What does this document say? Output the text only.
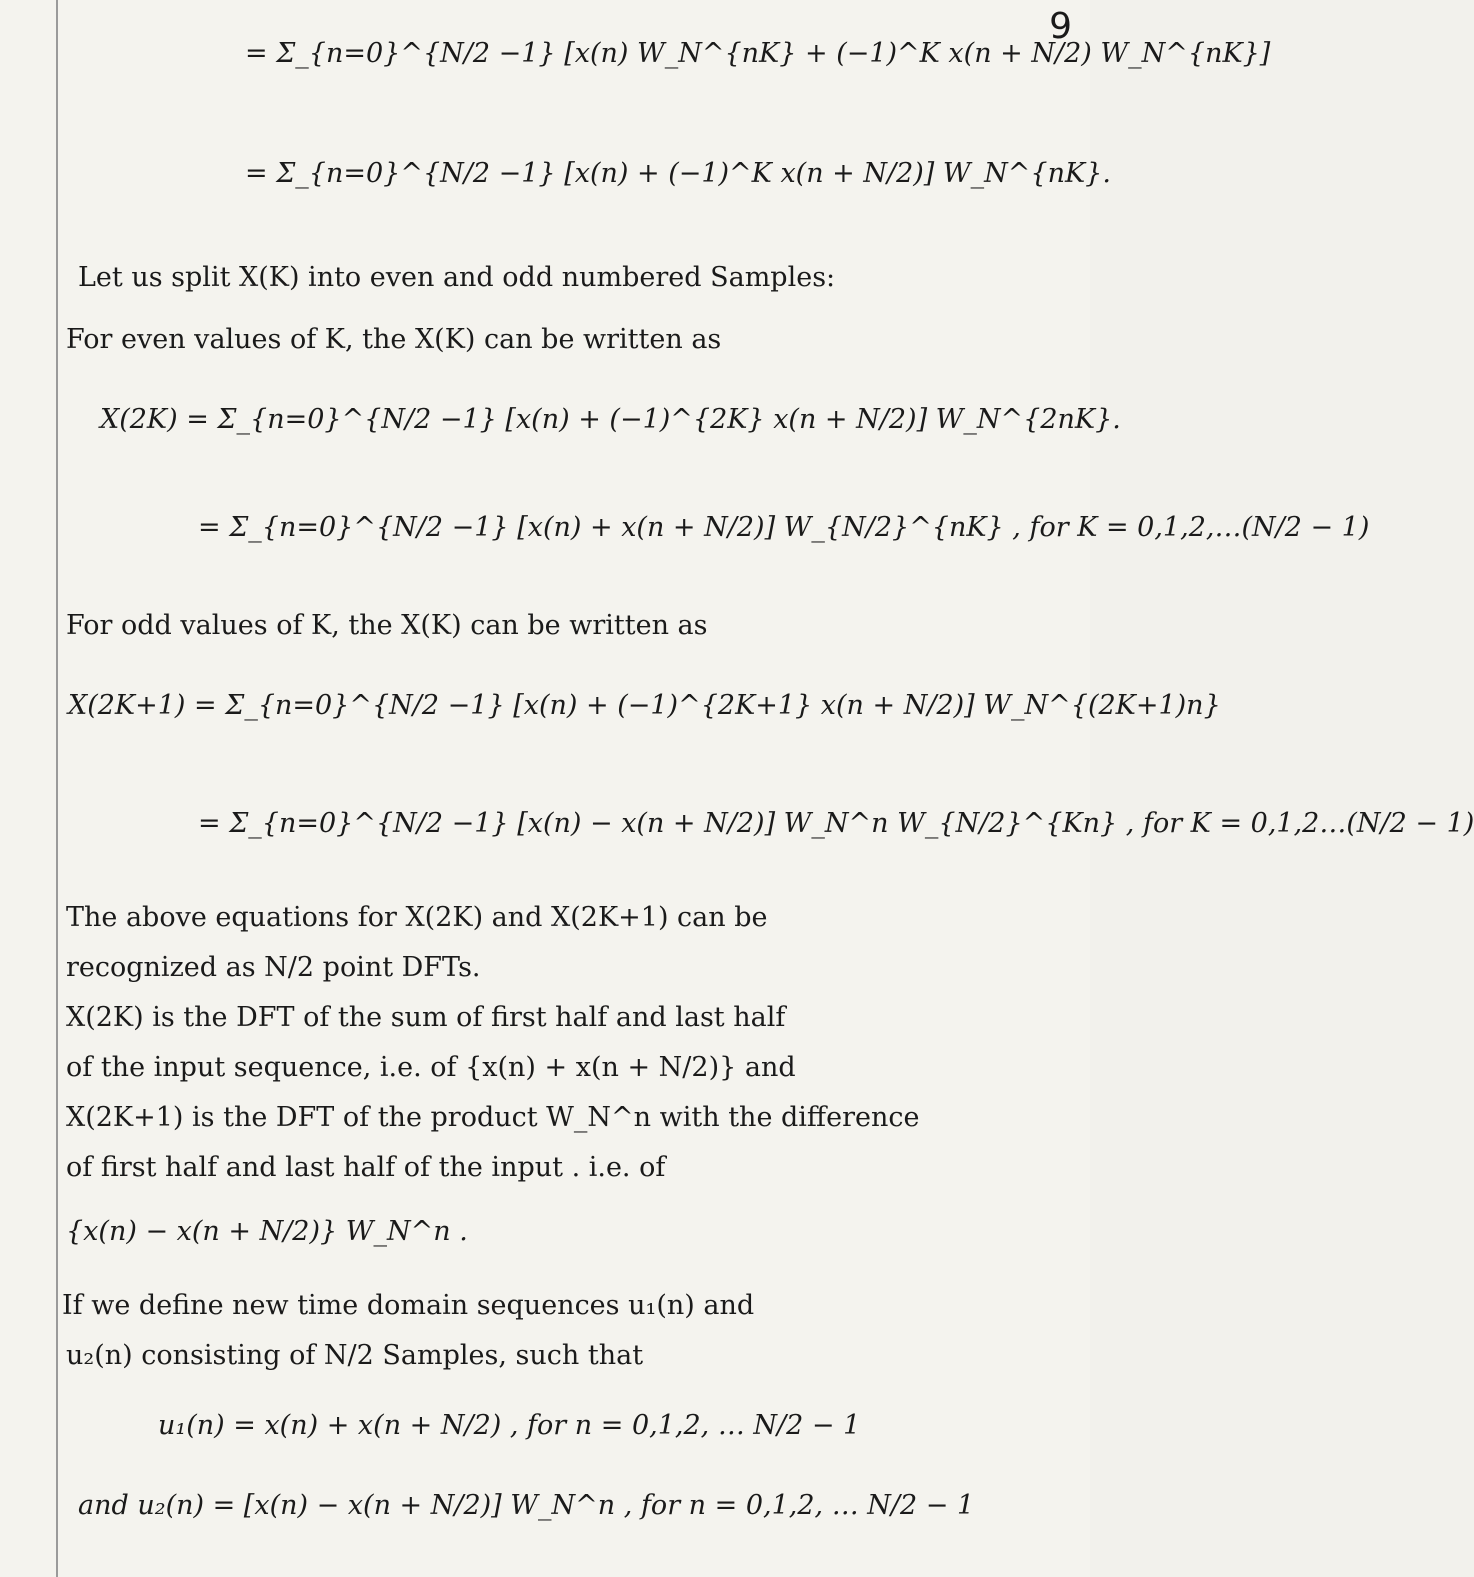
9
= Σ_{n=0}^{N/2 −1} [x(n) W_N^{nK} + (−1)^K x(n + N/2) W_N^{nK}]
= Σ_{n=0}^{N/2 −1} [x(n) + (−1)^K x(n + N/2)] W_N^{nK}.
Let us split X(K) into even and odd numbered Samples:
For even values of K, the X(K) can be written as
X(2K) = Σ_{n=0}^{N/2 −1} [x(n) + (−1)^{2K} x(n + N/2)] W_N^{2nK}.
= Σ_{n=0}^{N/2 −1} [x(n) + x(n + N/2)] W_{N/2}^{nK} , for K = 0,1,2,…(N/2 − 1)
For odd values of K, the X(K) can be written as
X(2K+1) = Σ_{n=0}^{N/2 −1} [x(n) + (−1)^{2K+1} x(n + N/2)] W_N^{(2K+1)n}
= Σ_{n=0}^{N/2 −1} [x(n) − x(n + N/2)] W_N^n W_{N/2}^{Kn} , for K = 0,1,2…(N/2 − 1)
The above equations for X(2K) and X(2K+1) can be
recognized as N/2 point DFTs.
X(2K) is the DFT of the sum of first half and last half
of the input sequence, i.e. of {x(n) + x(n + N/2)} and
X(2K+1) is the DFT of the product W_N^n with the difference
of first half and last half of the input . i.e. of
{x(n) − x(n + N/2)} W_N^n .
If we define new time domain sequences u₁(n) and
u₂(n) consisting of N/2 Samples, such that
u₁(n) = x(n) + x(n + N/2) , for n = 0,1,2, … N/2 − 1
and u₂(n) = [x(n) − x(n + N/2)] W_N^n , for n = 0,1,2, … N/2 − 1
